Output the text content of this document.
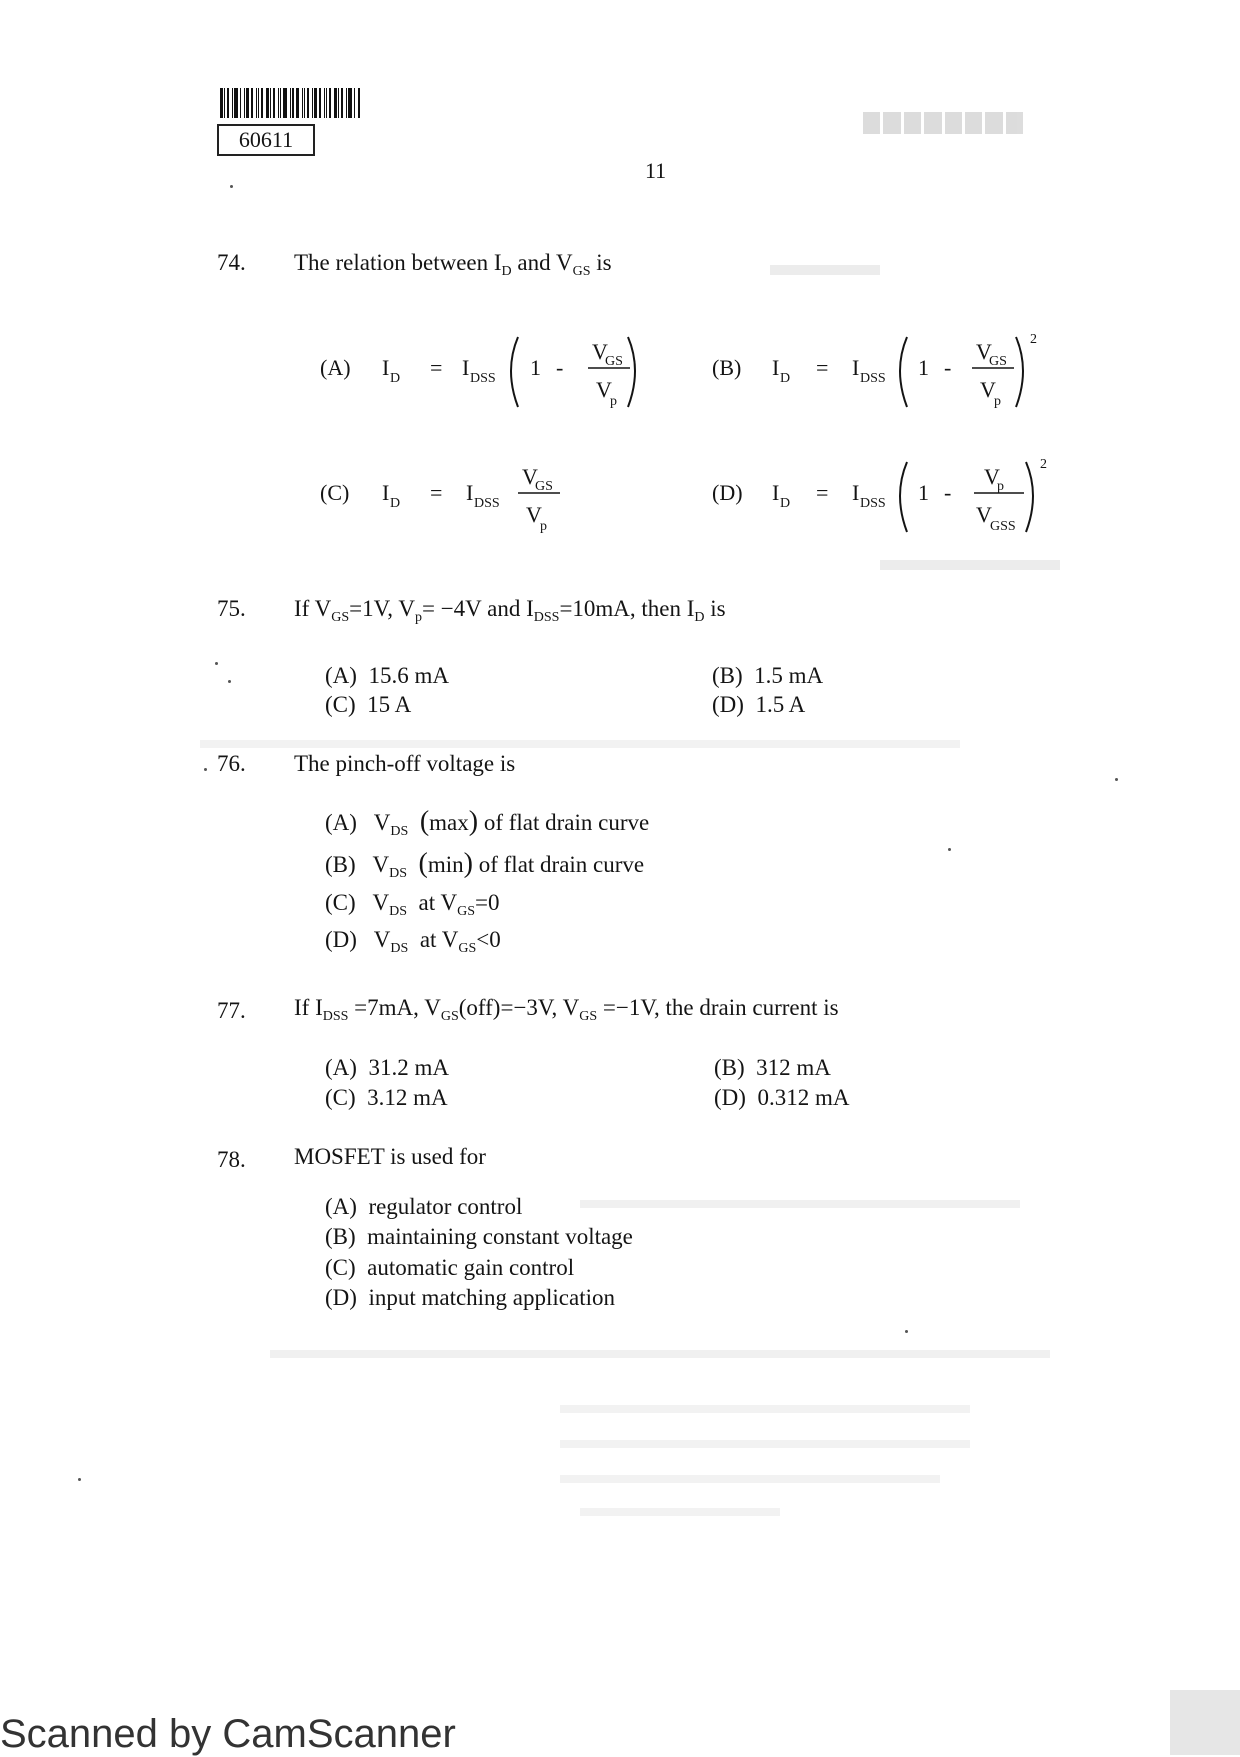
60611
11
74. The relation between $I_D$ and $V_{GS}$ is
(A) I D = I DSS 1 -
V
GS
V
p
(B) I D = I DSS 1 -
V
GS
V
p
2
(C) I D = I DSS
V
GS
V
p
(D) I D = I DSS 1 -
V
p
V
GSS
2
75. If $V_{GS}=1V$, $V_p= -4V$ and $I_{DSS}=10mA$, then $I_D$ is
(A) 15.6 mA	(B) 1.5 mA
(C) 15 A	(D) 1.5 A
76. The pinch-off voltage is
(A) $V_{DS}$ (max) of flat drain curve
(B) $V_{DS}$ (min) of flat drain curve
(C) $V_{DS}$ at $V_{GS}=0$
(D) $V_{DS}$ at $V_{GS}<0$
77. If $I_{DSS} =7mA$, $V_{GS}(off)=-3V$, $V_{GS} =-1V$, the drain current is
(A) 31.2 mA	(B) 312 mA
(C) 3.12 mA	(D) 0.312 mA
78. MOSFET is used for
(A) regulator control
(B) maintaining constant voltage
(C) automatic gain control
(D) input matching application
Scanned by CamScanner
